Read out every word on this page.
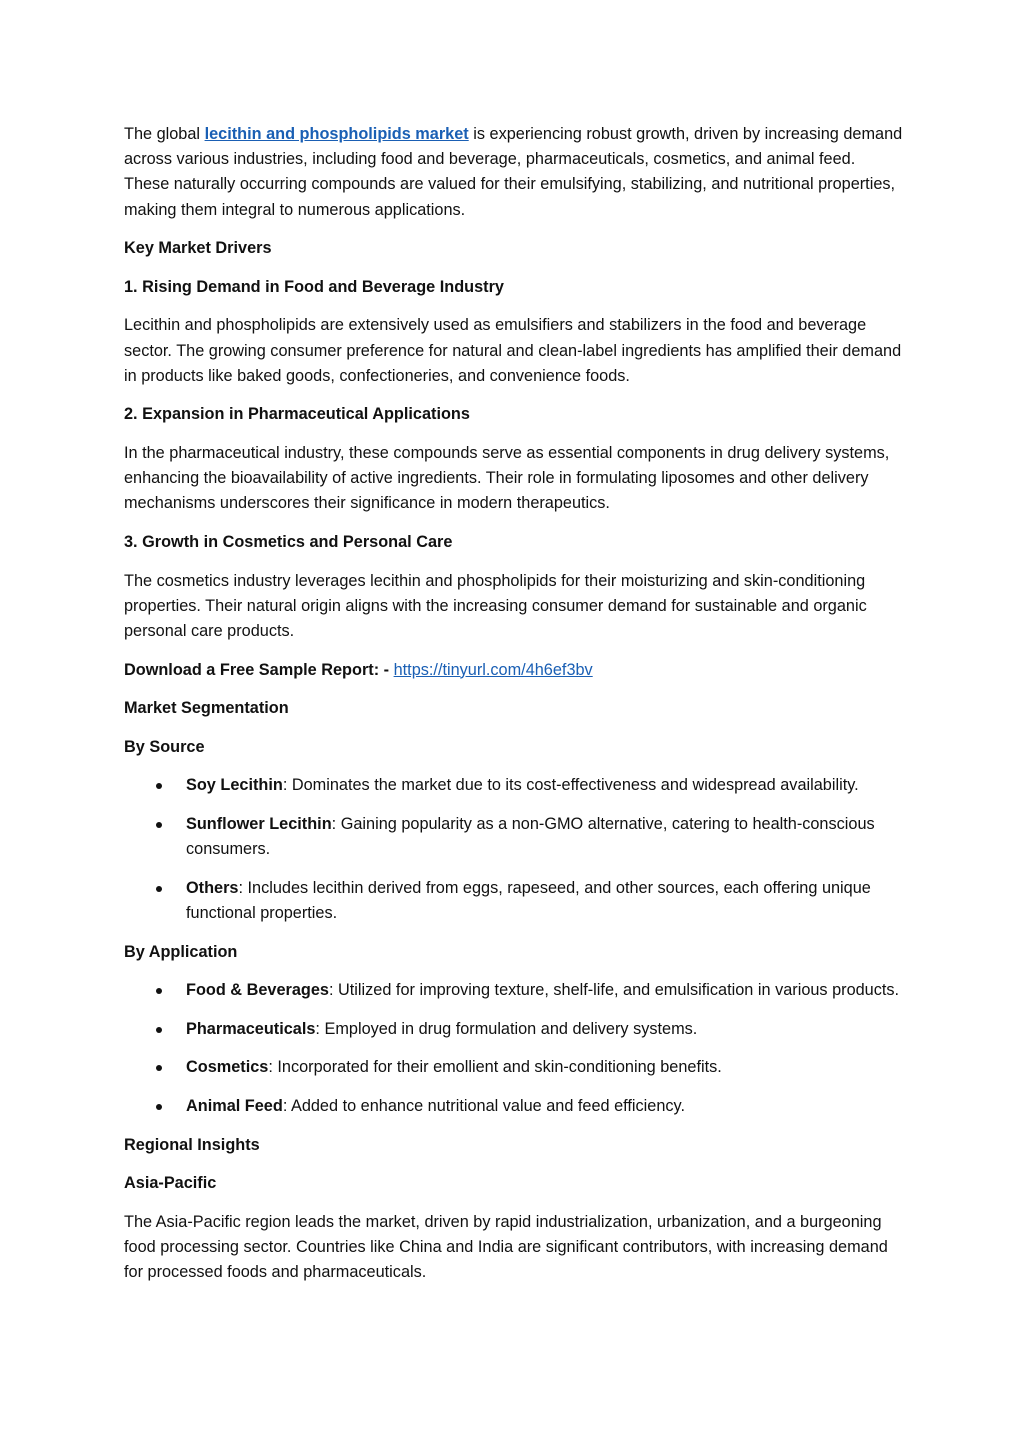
The global lecithin and phospholipids market is experiencing robust growth, driven by increasing demand across various industries, including food and beverage, pharmaceuticals, cosmetics, and animal feed. These naturally occurring compounds are valued for their emulsifying, stabilizing, and nutritional properties, making them integral to numerous applications.

Key Market Drivers

1. Rising Demand in Food and Beverage Industry

Lecithin and phospholipids are extensively used as emulsifiers and stabilizers in the food and beverage sector. The growing consumer preference for natural and clean-label ingredients has amplified their demand in products like baked goods, confectioneries, and convenience foods.

2. Expansion in Pharmaceutical Applications

In the pharmaceutical industry, these compounds serve as essential components in drug delivery systems, enhancing the bioavailability of active ingredients. Their role in formulating liposomes and other delivery mechanisms underscores their significance in modern therapeutics.

3. Growth in Cosmetics and Personal Care

The cosmetics industry leverages lecithin and phospholipids for their moisturizing and skin-conditioning properties. Their natural origin aligns with the increasing consumer demand for sustainable and organic personal care products.

Download a Free Sample Report: - https://tinyurl.com/4h6ef3bv

Market Segmentation

By Source

Soy Lecithin: Dominates the market due to its cost-effectiveness and widespread availability.
Sunflower Lecithin: Gaining popularity as a non-GMO alternative, catering to health-conscious consumers.
Others: Includes lecithin derived from eggs, rapeseed, and other sources, each offering unique functional properties.

By Application

Food & Beverages: Utilized for improving texture, shelf-life, and emulsification in various products.
Pharmaceuticals: Employed in drug formulation and delivery systems.
Cosmetics: Incorporated for their emollient and skin-conditioning benefits.
Animal Feed: Added to enhance nutritional value and feed efficiency.

Regional Insights

Asia-Pacific

The Asia-Pacific region leads the market, driven by rapid industrialization, urbanization, and a burgeoning food processing sector. Countries like China and India are significant contributors, with increasing demand for processed foods and pharmaceuticals.
